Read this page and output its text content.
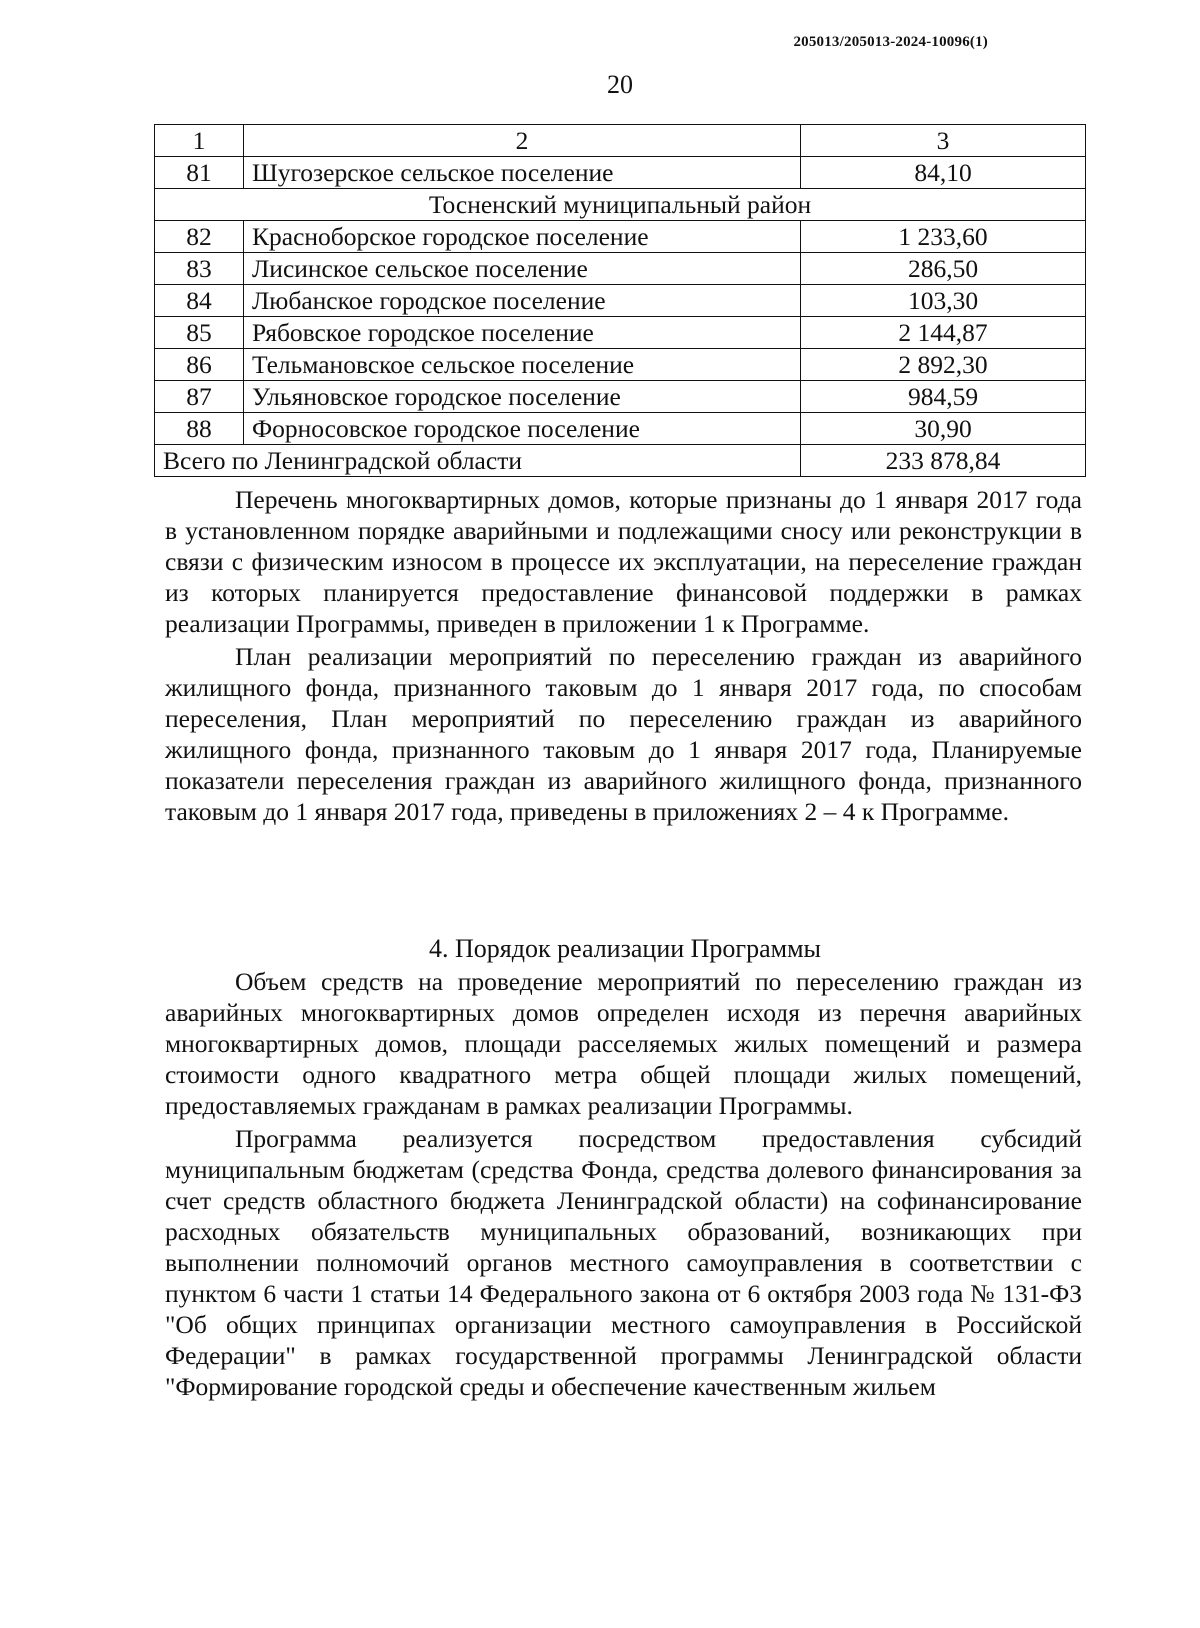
205013/205013-2024-10096(1)
20
1	2	3
81	Шугозерское сельское поселение	84,10
Тосненский муниципальный район		
82	Красноборское городское поселение	1 233,60
83	Лисинское сельское поселение	286,50
84	Любанское городское поселение	103,30
85	Рябовское городское поселение	2 144,87
86	Тельмановское сельское поселение	2 892,30
87	Ульяновское городское поселение	984,59
88	Форносовское городское поселение	30,90
Всего по Ленинградской области		233 878,84

Перечень многоквартирных домов, которые признаны до 1 января 2017 года в установленном порядке аварийными и подлежащими сносу или реконструкции в связи с физическим износом в процессе их эксплуатации, на переселение граждан из которых планируется предоставление финансовой поддержки в рамках реализации Программы, приведен в приложении 1 к Программе.

План реализации мероприятий по переселению граждан из аварийного жилищного фонда, признанного таковым до 1 января 2017 года, по способам переселения, План мероприятий по переселению граждан из аварийного жилищного фонда, признанного таковым до 1 января 2017 года, Планируемые показатели переселения граждан из аварийного жилищного фонда, признанного таковым до 1 января 2017 года, приведены в приложениях 2 – 4 к Программе.

4. Порядок реализации Программы

Объем средств на проведение мероприятий по переселению граждан из аварийных многоквартирных домов определен исходя из перечня аварийных многоквартирных домов, площади расселяемых жилых помещений и размера стоимости одного квадратного метра общей площади жилых помещений, предоставляемых гражданам в рамках реализации Программы.

Программа реализуется посредством предоставления субсидий муниципальным бюджетам (средства Фонда, средства долевого финансирования за счет средств областного бюджета Ленинградской области) на софинансирование расходных обязательств муниципальных образований, возникающих при выполнении полномочий органов местного самоуправления в соответствии с пунктом 6 части 1 статьи 14 Федерального закона от 6 октября 2003 года № 131-ФЗ "Об общих принципах организации местного самоуправления в Российской Федерации" в рамках государственной программы Ленинградской области "Формирование городской среды и обеспечение качественным жильем
